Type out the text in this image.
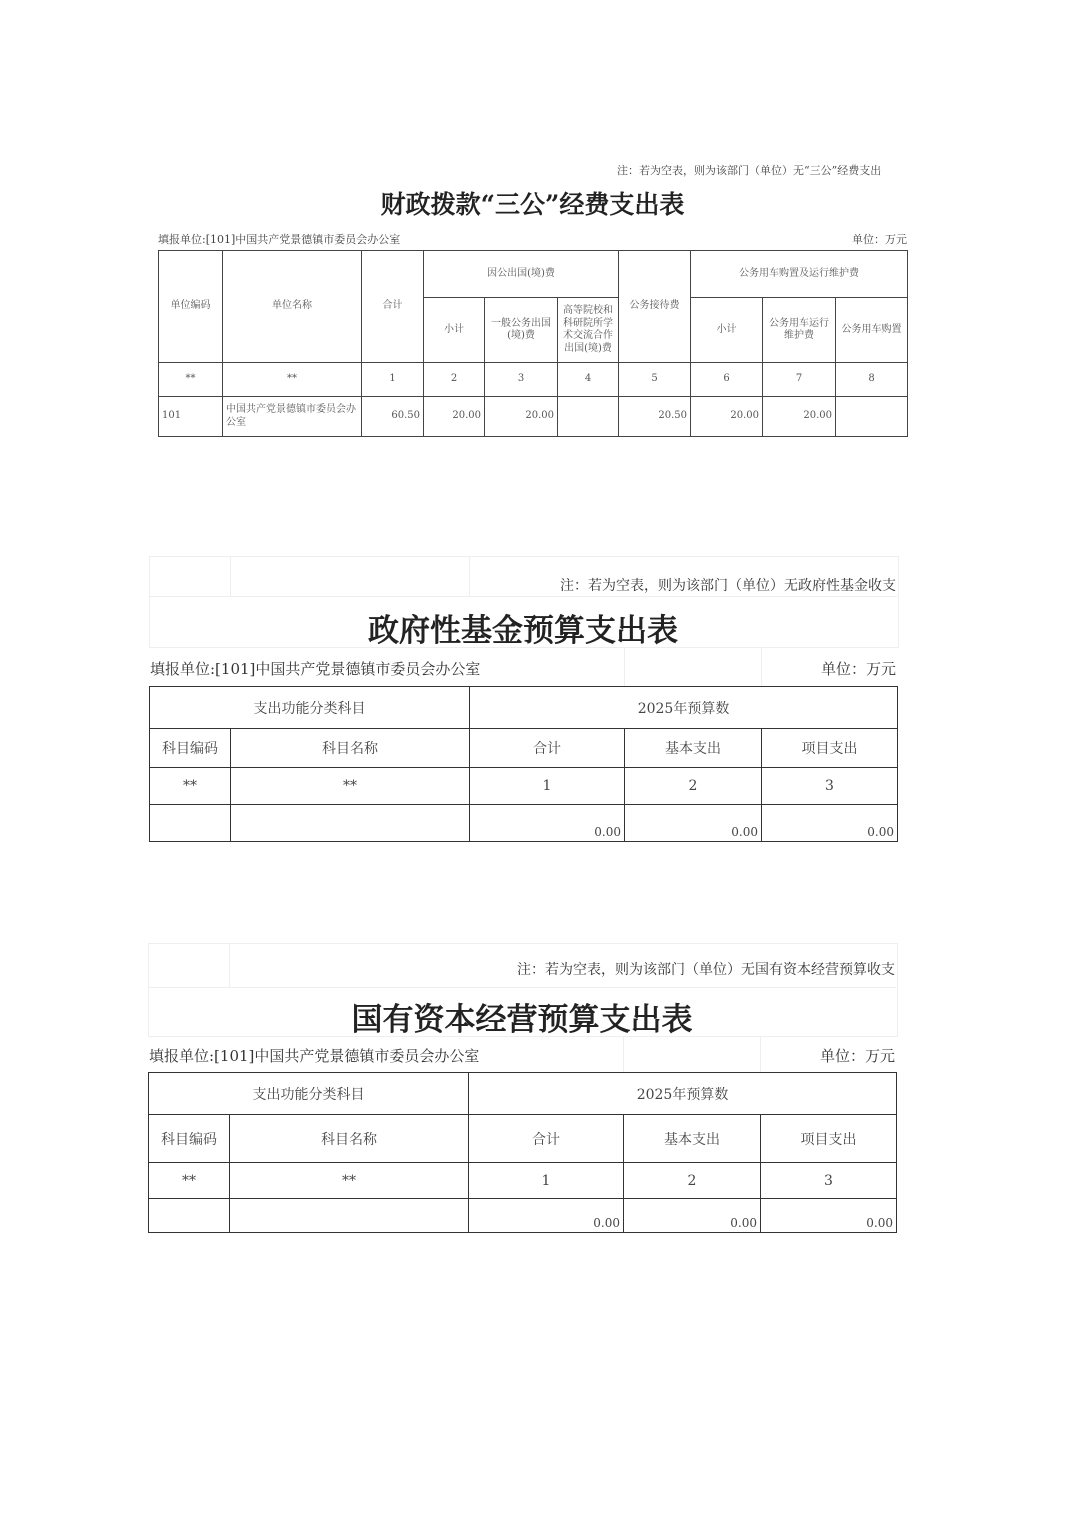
注：若为空表，则为该部门（单位）无“三公”经费支出
财政拨款“三公”经费支出表
填报单位:[101]中国共产党景德镇市委员会办公室	单位：万元
单位编码	单位名称	合计	因公出国(境)费			公务接待费	公务用车购置及运行维护费		
			小计	一般公务出国(境)费	高等院校和科研院所学术交流合作出国(境)费		小计	公务用车运行维护费	公务用车购置
**	**	1	2	3	4	5	6	7	8
101	中国共产党景德镇市委员会办公室	60.50	20.00	20.00		20.50	20.00	20.00	
注：若为空表，则为该部门（单位）无政府性基金收支
政府性基金预算支出表
填报单位:[101]中国共产党景德镇市委员会办公室	单位：万元
支出功能分类科目		2025年预算数		
科目编码	科目名称	合计	基本支出	项目支出
**	**	1	2	3
		0.00	0.00	0.00
注：若为空表，则为该部门（单位）无国有资本经营预算收支
国有资本经营预算支出表
填报单位:[101]中国共产党景德镇市委员会办公室	单位：万元
支出功能分类科目		2025年预算数		
科目编码	科目名称	合计	基本支出	项目支出
**	**	1	2	3
		0.00	0.00	0.00
